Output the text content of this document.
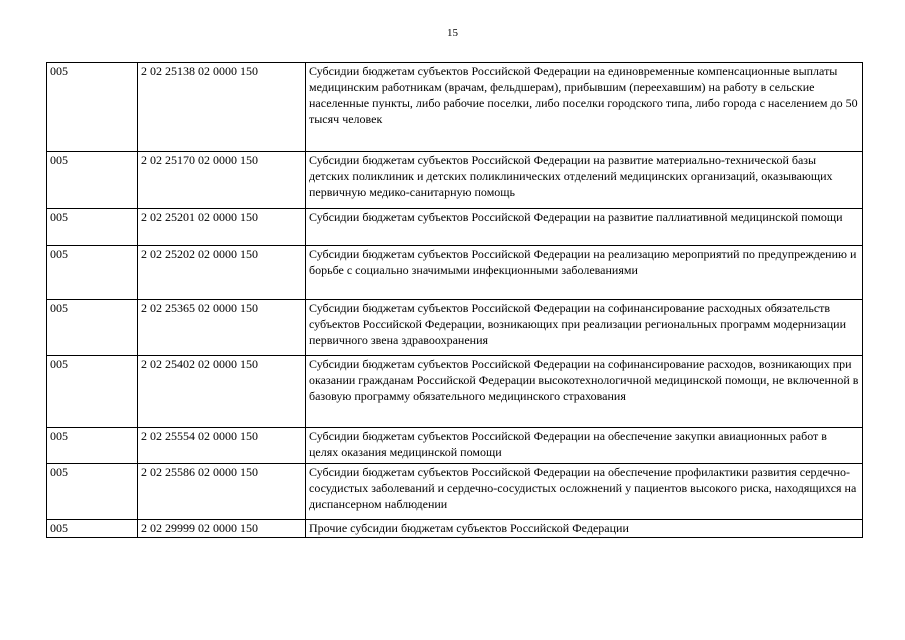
15
005	2 02 25138 02 0000 150	Субсидии бюджетам субъектов Российской Федерации на единовременные компенсационные выплаты медицинским работникам (врачам, фельдшерам), прибывшим (переехавшим) на работу в сельские населенные пункты, либо рабочие поселки, либо поселки городского типа, либо города с населением до 50 тысяч человек
005	2 02 25170 02 0000 150	Субсидии бюджетам субъектов Российской Федерации на развитие материально-технической базы детских поликлиник и детских поликлинических отделений медицинских организаций, оказывающих первичную медико-санитарную помощь
005	2 02 25201 02 0000 150	Субсидии бюджетам субъектов Российской Федерации на развитие паллиативной медицинской помощи
005	2 02 25202 02 0000 150	Субсидии бюджетам субъектов Российской Федерации на реализацию мероприятий по предупреждению и борьбе с социально значимыми инфекционными заболеваниями
005	2 02 25365 02 0000 150	Субсидии бюджетам субъектов Российской Федерации на софинансирование расходных обязательств субъектов Российской Федерации, возникающих при реализации региональных программ модернизации первичного звена здравоохранения
005	2 02 25402 02 0000 150	Субсидии бюджетам субъектов Российской Федерации на софинансирование расходов, возникающих при оказании гражданам Российской Федерации высокотехнологичной медицинской помощи, не включенной в базовую программу обязательного медицинского страхования
005	2 02 25554 02 0000 150	Субсидии бюджетам субъектов Российской Федерации на обеспечение закупки авиационных работ в целях оказания медицинской помощи
005	2 02 25586 02 0000 150	Субсидии бюджетам субъектов Российской Федерации на обеспечение профилактики развития сердечно-сосудистых заболеваний и сердечно-сосудистых осложнений у пациентов высокого риска, находящихся на диспансерном наблюдении
005	2 02 29999 02 0000 150	Прочие субсидии бюджетам субъектов Российской Федерации
